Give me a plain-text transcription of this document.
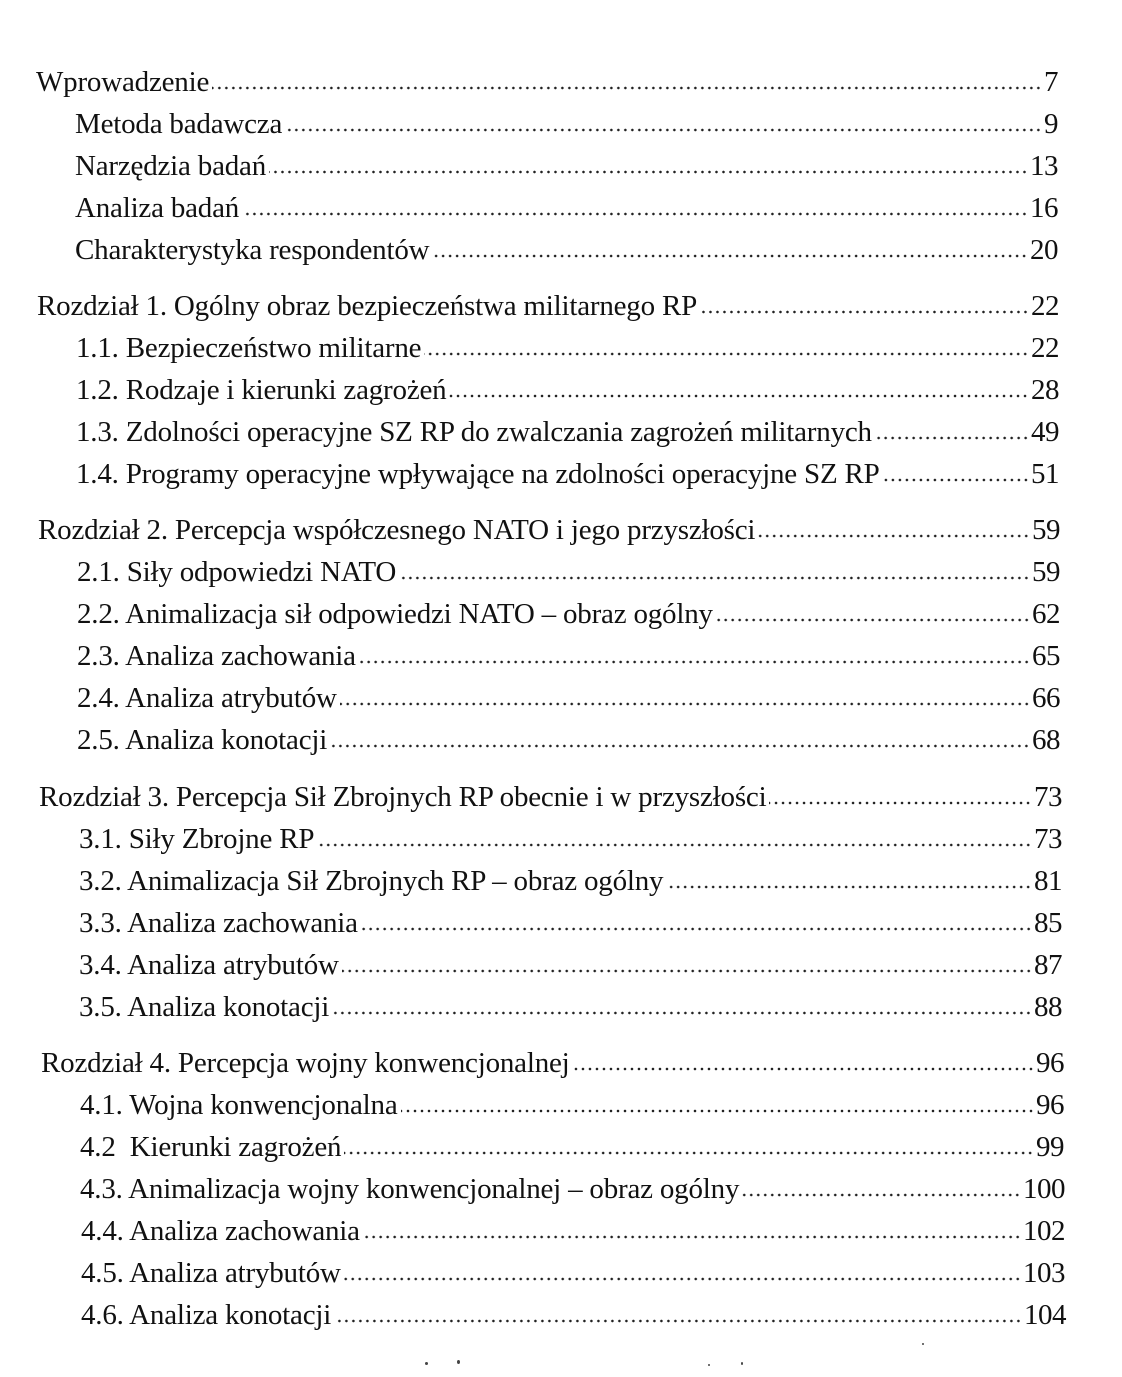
Wprowadzenie	7
Metoda badawcza	9
Narzędzia badań	13
Analiza badań	16
Charakterystyka respondentów	20
Rozdział 1. Ogólny obraz bezpieczeństwa militarnego RP	22
1.1. Bezpieczeństwo militarne	22
1.2. Rodzaje i kierunki zagrożeń	28
1.3. Zdolności operacyjne SZ RP do zwalczania zagrożeń militarnych	49
1.4. Programy operacyjne wpływające na zdolności operacyjne SZ RP	51
Rozdział 2. Percepcja współczesnego NATO i jego przyszłości	59
2.1. Siły odpowiedzi NATO	59
2.2. Animalizacja sił odpowiedzi NATO – obraz ogólny	62
2.3. Analiza zachowania	65
2.4. Analiza atrybutów	66
2.5. Analiza konotacji	68
Rozdział 3. Percepcja Sił Zbrojnych RP obecnie i w przyszłości	73
3.1. Siły Zbrojne RP	73
3.2. Animalizacja Sił Zbrojnych RP – obraz ogólny	81
3.3. Analiza zachowania	85
3.4. Analiza atrybutów	87
3.5. Analiza konotacji	88
Rozdział 4. Percepcja wojny konwencjonalnej	96
4.1. Wojna konwencjonalna	96
4.2  Kierunki zagrożeń	99
4.3. Animalizacja wojny konwencjonalnej – obraz ogólny	100
4.4. Analiza zachowania	102
4.5. Analiza atrybutów	103
4.6. Analiza konotacji	104
